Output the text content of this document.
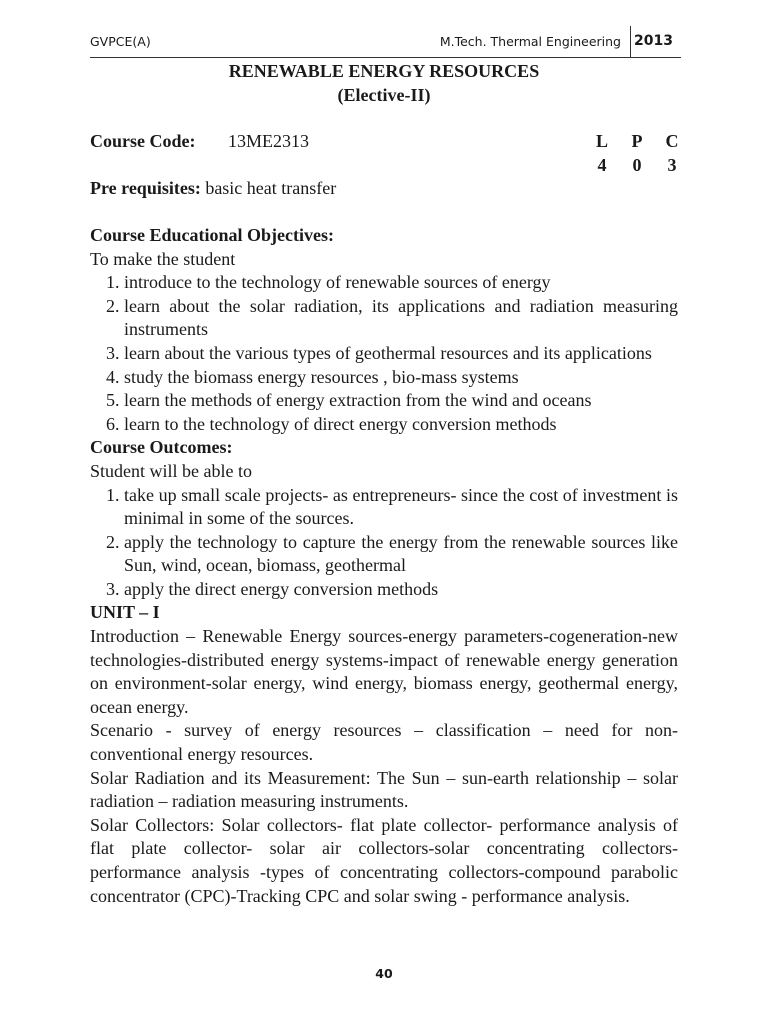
GVPCE(A)	M.Tech. Thermal Engineering 2013

RENEWABLE ENERGY RESOURCES

(Elective-II)

Course Code: 13ME2313	L P C
4 0 3

Pre requisites: basic heat transfer

Course Educational Objectives:

To make the student

1. introduce to the technology of renewable sources of energy
2. learn about the solar radiation, its applications and radiation measuring instruments
3. learn about the various types of geothermal resources and its applications
4. study the biomass energy resources , bio-mass systems
5. learn the methods of energy extraction from the wind and oceans
6. learn to the technology of direct energy conversion methods

Course Outcomes:

Student will be able to

1. take up small scale projects- as entrepreneurs- since the cost of investment is minimal in some of the sources.
2. apply the technology to capture the energy from the renewable sources like Sun, wind, ocean, biomass, geothermal
3. apply the direct energy conversion methods

UNIT – I

Introduction – Renewable Energy sources-energy parameters-cogeneration-new technologies-distributed energy systems-impact of renewable energy generation on environment-solar energy, wind energy, biomass energy, geothermal energy, ocean energy.

Scenario - survey of energy resources – classification – need for non-conventional energy resources.

Solar Radiation and its Measurement: The Sun – sun-earth relationship – solar radiation – radiation measuring instruments.

Solar Collectors: Solar collectors- flat plate collector- performance analysis of flat plate collector- solar air collectors-solar concentrating collectors- performance analysis -types of concentrating collectors-compound parabolic concentrator (CPC)-Tracking CPC and solar swing - performance analysis.

40
